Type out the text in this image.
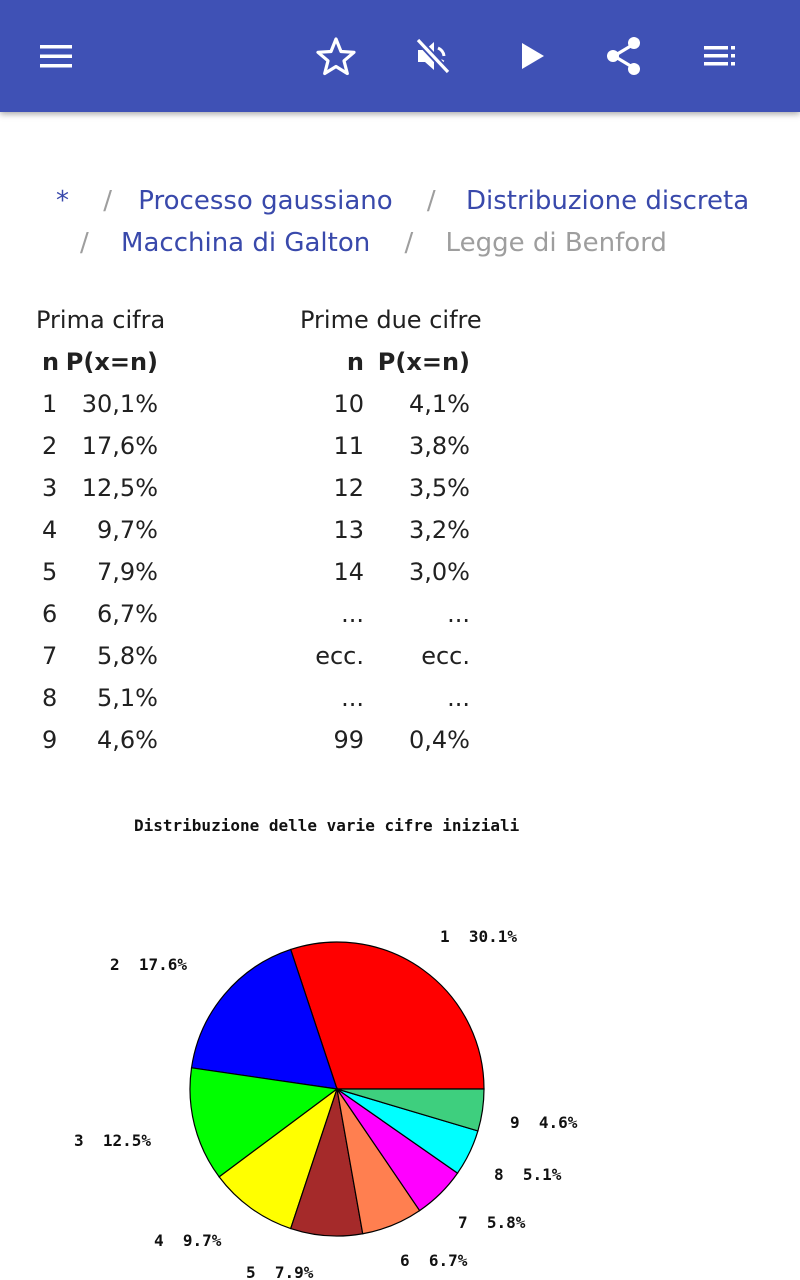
* / Processo gaussiano / Distribuzione discreta
/ Macchina di Galton / Legge di Benford
Prima cifra	Prime due cifre
n P(x=n)	n P(x=n)
1	30,1%	10	4,1%
2	17,6%	11	3,8%
3	12,5%	12	3,5%
4	9,7%	13	3,2%
5	7,9%	14	3,0%
6	6,7%	...	...
7	5,8%	ecc.	ecc.
8	5,1%	...	...
9	4,6%	99	0,4%
Distribuzione delle varie cifre iniziali
1  30.1%
2  17.6%
3  12.5%
4  9.7%
5  7.9%
6  6.7%
7  5.8%
8  5.1%
9  4.6%
